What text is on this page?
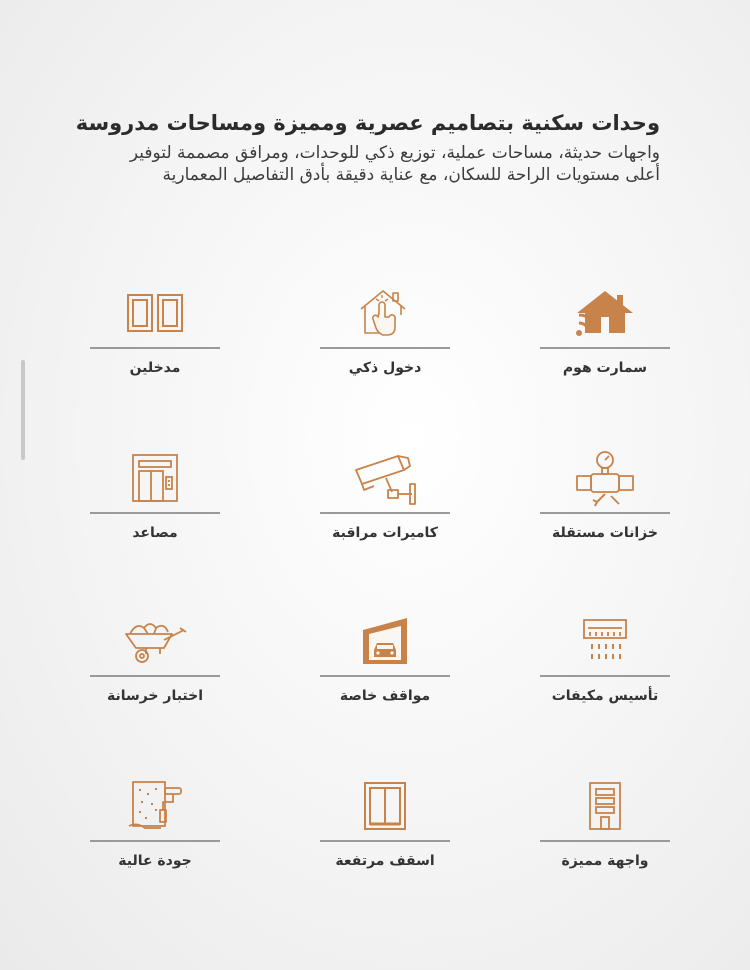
وحدات سكنية بتصاميم عصرية ومميزة ومساحات مدروسة

واجهات حديثة، مساحات عملية، توزيع ذكي للوحدات، ومرافق مصممة لتوفير
أعلى مستويات الراحة للسكان، مع عناية دقيقة بأدق التفاصيل المعمارية

سمارت هوم
دخول ذكي
مدخلين
خزانات مستقلة
كاميرات مراقبة
مصاعد
تأسيس مكيفات
مواقف خاصة
اختبار خرسانة
واجهة مميزة
اسقف مرتفعة
جودة عالية
